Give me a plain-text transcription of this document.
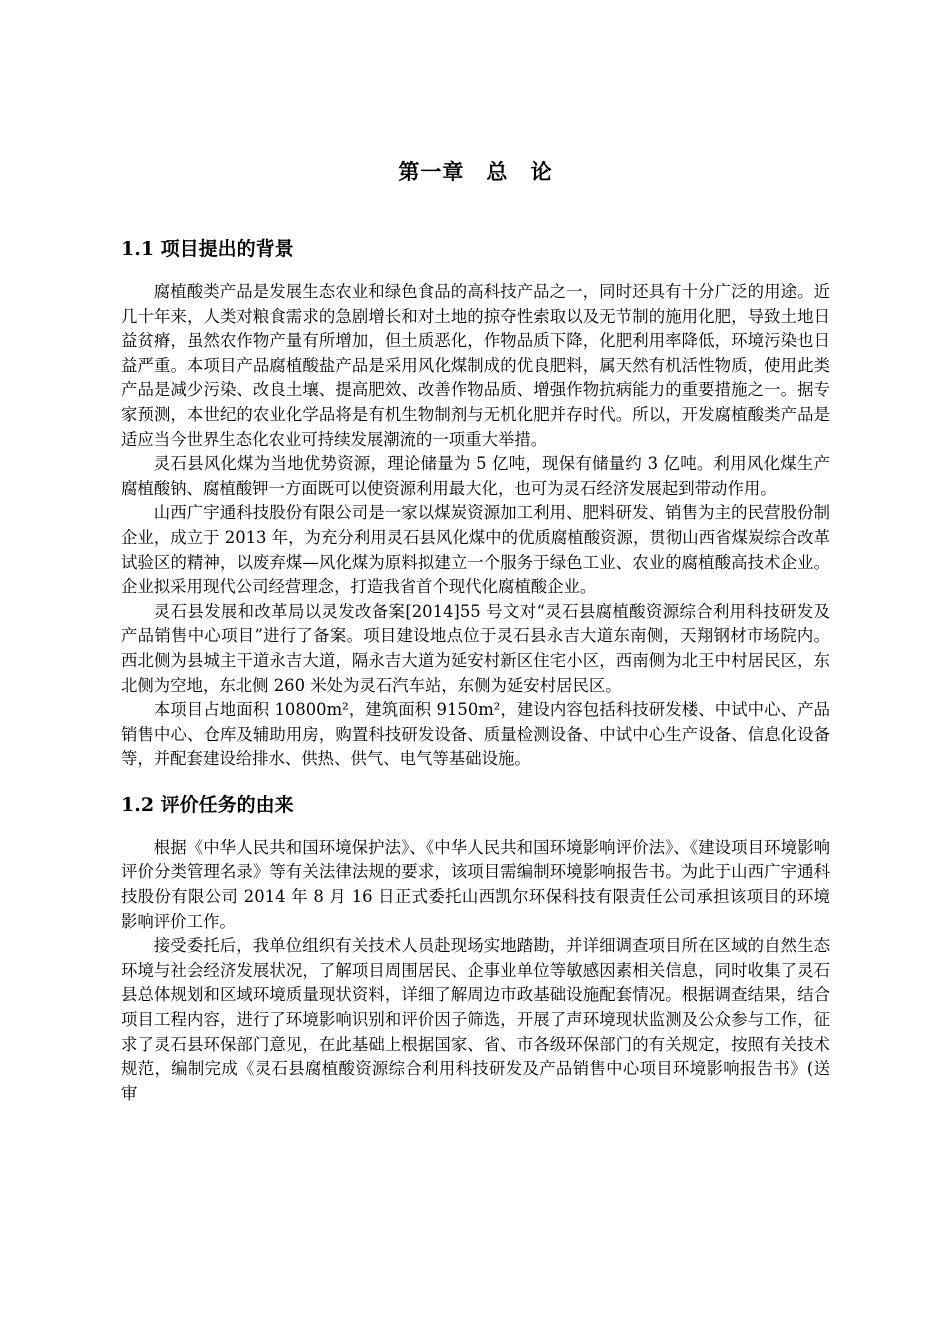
第一章　总 论
1.1 项目提出的背景

腐植酸类产品是发展生态农业和绿色食品的高科技产品之一，同时还具有十分广泛的用途。近几十年来，人类对粮食需求的急剧增长和对土地的掠夺性索取以及无节制的施用化肥，导致土地日益贫瘠，虽然农作物产量有所增加，但土质恶化，作物品质下降，化肥利用率降低，环境污染也日益严重。本项目产品腐植酸盐产品是采用风化煤制成的优良肥料，属天然有机活性物质，使用此类产品是减少污染、改良土壤、提高肥效、改善作物品质、增强作物抗病能力的重要措施之一。据专家预测，本世纪的农业化学品将是有机生物制剂与无机化肥并存时代。所以，开发腐植酸类产品是适应当今世界生态化农业可持续发展潮流的一项重大举措。

灵石县风化煤为当地优势资源，理论储量为 5 亿吨，现保有储量约 3 亿吨。利用风化煤生产腐植酸钠、腐植酸钾一方面既可以使资源利用最大化，也可为灵石经济发展起到带动作用。

山西广宇通科技股份有限公司是一家以煤炭资源加工利用、肥料研发、销售为主的民营股份制企业，成立于 2013 年，为充分利用灵石县风化煤中的优质腐植酸资源，贯彻山西省煤炭综合改革试验区的精神，以废弃煤—风化煤为原料拟建立一个服务于绿色工业、农业的腐植酸高技术企业。企业拟采用现代公司经营理念，打造我省首个现代化腐植酸企业。

灵石县发展和改革局以灵发改备案[2014]55 号文对“灵石县腐植酸资源综合利用科技研发及产品销售中心项目”进行了备案。项目建设地点位于灵石县永吉大道东南侧，天翔钢材市场院内。西北侧为县城主干道永吉大道，隔永吉大道为延安村新区住宅小区，西南侧为北王中村居民区，东北侧为空地，东北侧 260 米处为灵石汽车站，东侧为延安村居民区。

本项目占地面积 10800m²，建筑面积 9150m²，建设内容包括科技研发楼、中试中心、产品销售中心、仓库及辅助用房，购置科技研发设备、质量检测设备、中试中心生产设备、信息化设备等，并配套建设给排水、供热、供气、电气等基础设施。

1.2 评价任务的由来

根据《中华人民共和国环境保护法》、《中华人民共和国环境影响评价法》、《建设项目环境影响评价分类管理名录》等有关法律法规的要求，该项目需编制环境影响报告书。为此于山西广宇通科技股份有限公司 2014 年 8 月 16 日正式委托山西凯尔环保科技有限责任公司承担该项目的环境影响评价工作。

接受委托后，我单位组织有关技术人员赴现场实地踏勘，并详细调查项目所在区域的自然生态环境与社会经济发展状况，了解项目周围居民、企事业单位等敏感因素相关信息，同时收集了灵石县总体规划和区域环境质量现状资料，详细了解周边市政基础设施配套情况。根据调查结果，结合项目工程内容，进行了环境影响识别和评价因子筛选，开展了声环境现状监测及公众参与工作，征求了灵石县环保部门意见，在此基础上根据国家、省、市各级环保部门的有关规定，按照有关技术规范，编制完成《灵石县腐植酸资源综合利用科技研发及产品销售中心项目环境影响报告书》(送审
